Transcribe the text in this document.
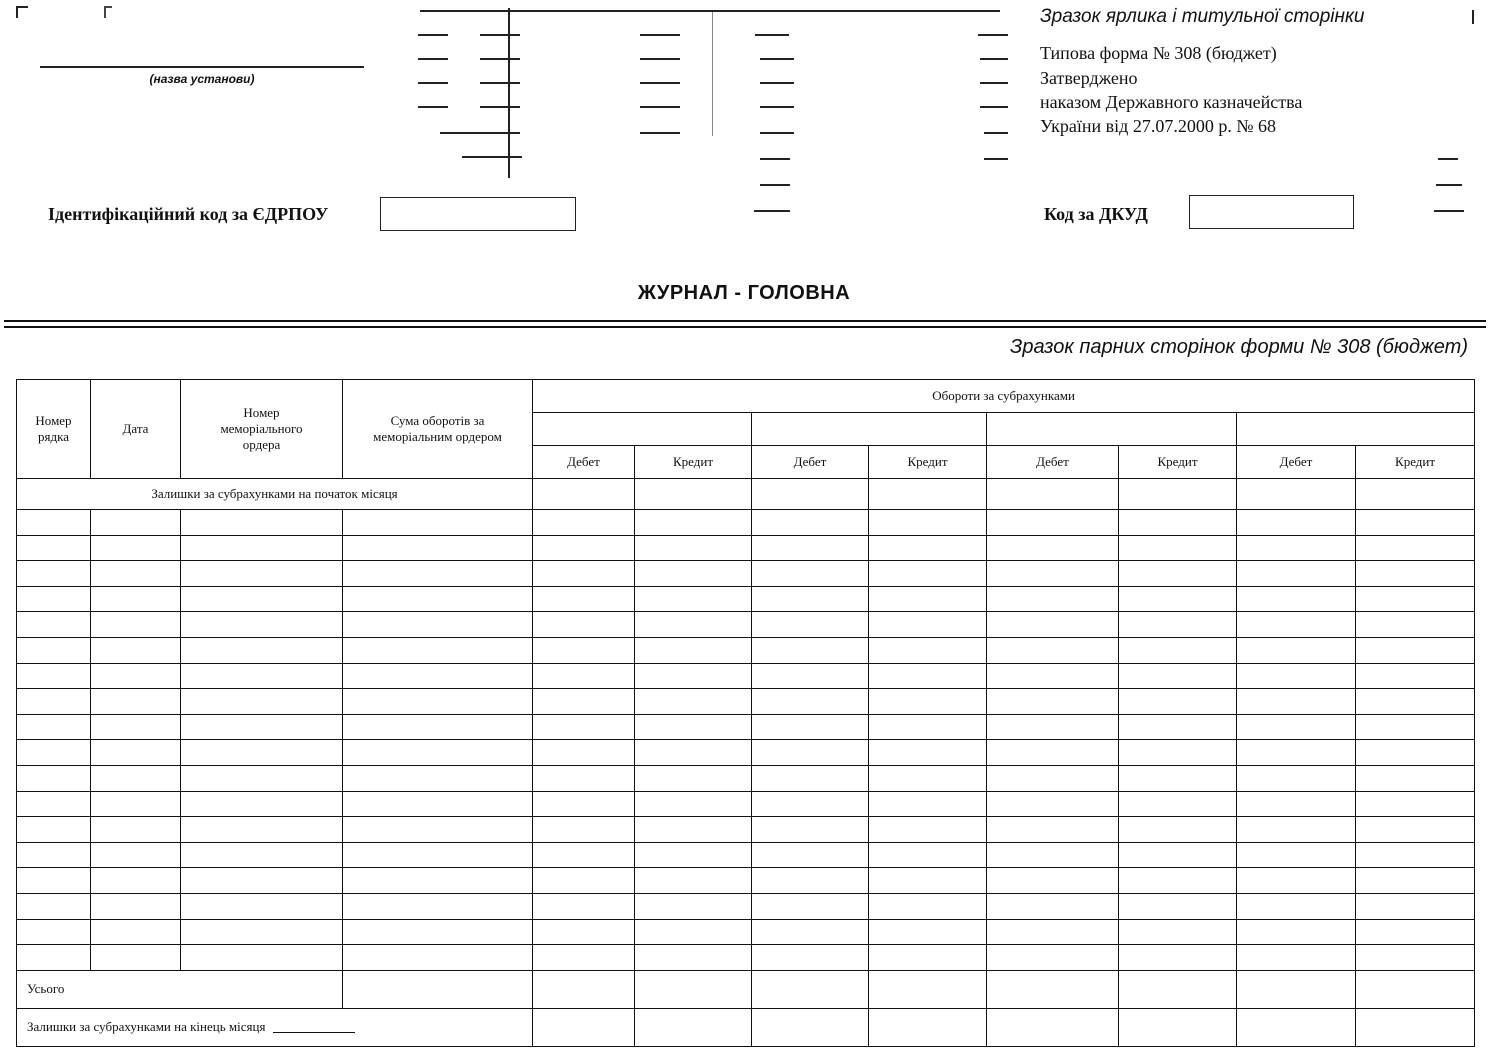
(назва установи)
Зразок ярлика і титульної сторінки
Типова форма № 308 (бюджет)
Затверджено
наказом Державного казначейства
України від 27.07.2000 р. № 68
Ідентифікаційний код за ЄДРПОУ	Код за ДКУД
ЖУРНАЛ - ГОЛОВНА
Зразок парних сторінок форми № 308 (бюджет)
Номер рядка	Дата	Номер меморіального ордера	Сума оборотів за меморіальним ордером	Обороти за субрахунками							

				Дебет	Кредит	Дебет	Кредит	Дебет	Кредит	Дебет	Кредит
Залишки за субрахунками на початок місяця											

Усього											
Залишки за субрахунками на кінець місяця											
